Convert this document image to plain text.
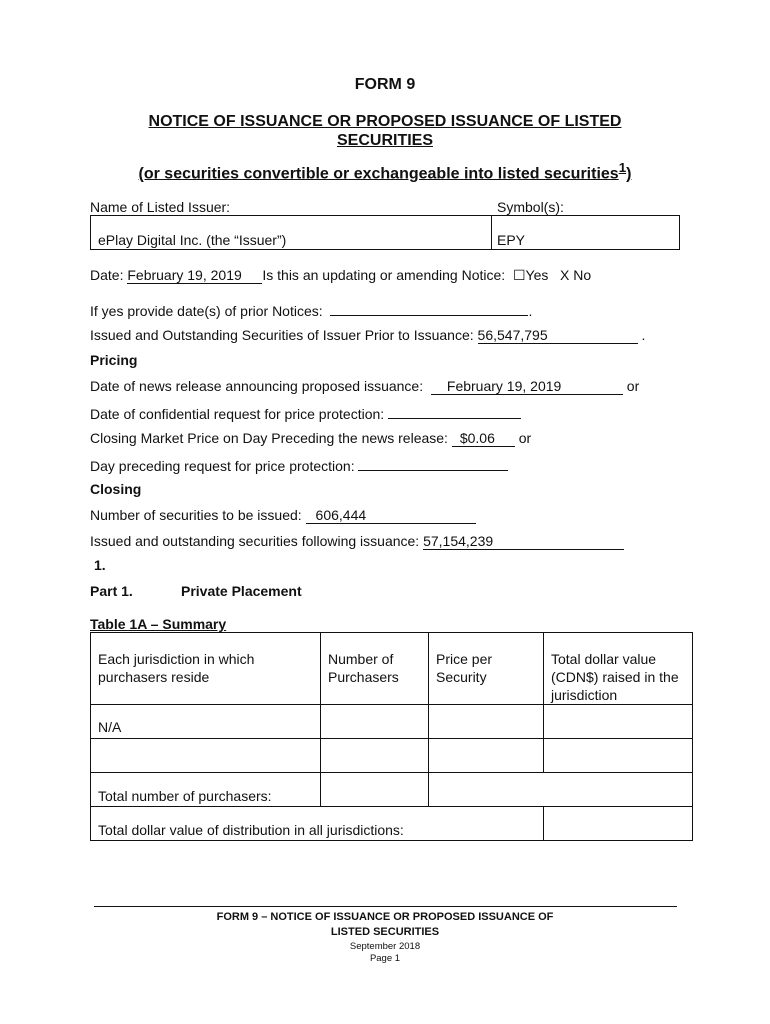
FORM 9
NOTICE OF ISSUANCE OR PROPOSED ISSUANCE OF LISTED
SECURITIES
(or securities convertible or exchangeable into listed securities$^1$)
Name of Listed Issuer:	Symbol(s):
ePlay Digital Inc. (the “Issuer”)	EPY
Date: February 19, 2019 Is this an updating or amending Notice: ☐Yes X No
If yes provide date(s) of prior Notices:	.
Issued and Outstanding Securities of Issuer Prior to Issuance: 56,547,795	.
Pricing
Date of news release announcing proposed issuance: February 19, 2019	or
Date of confidential request for price protection:
Closing Market Price on Day Preceding the news release: $0.06 or
Day preceding request for price protection:
Closing
Number of securities to be issued: 606,444
Issued and outstanding securities following issuance: 57,154,239
1.
Part 1.	Private Placement
Table 1A – Summary
Each jurisdiction in which purchasers reside	Number of Purchasers	Price per Security	Total dollar value (CDN$) raised in the jurisdiction
N/A			

Total number of purchasers:			
Total dollar value of distribution in all jurisdictions:			
FORM 9 – NOTICE OF ISSUANCE OR PROPOSED ISSUANCE OF
LISTED SECURITIES
September 2018
Page 1
